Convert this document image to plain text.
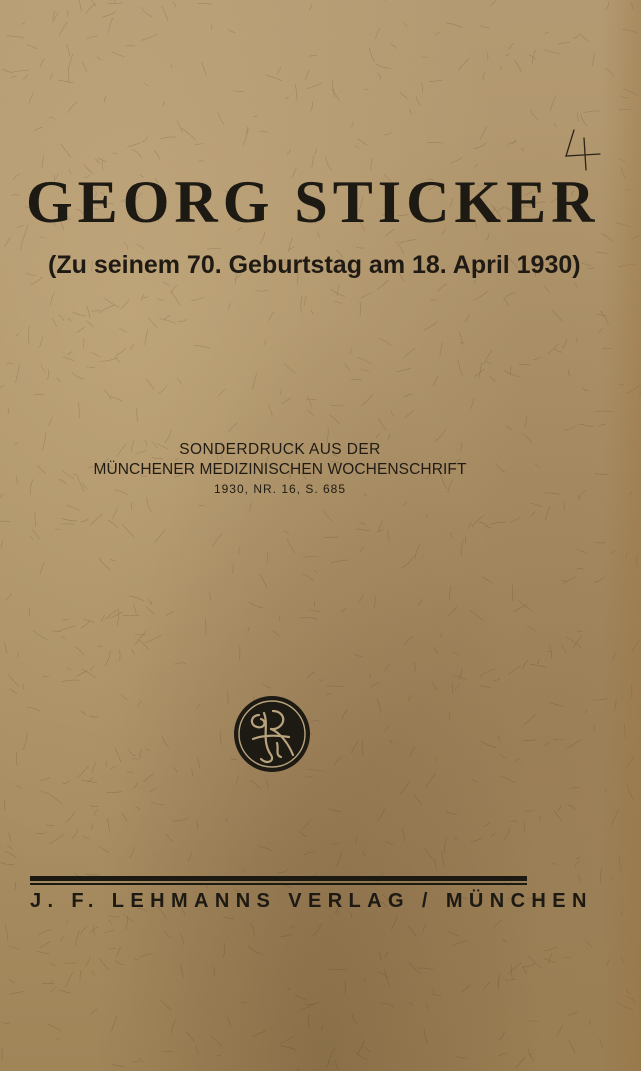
GEORG STICKER
(Zu seinem 70. Geburtstag am 18. April 1930)
SONDERDRUCK AUS DER
MÜNCHENER MEDIZINISCHEN WOCHENSCHRIFT
1930, NR. 16, S. 685
J. F. LEHMANNS VERLAG / MÜNCHEN
